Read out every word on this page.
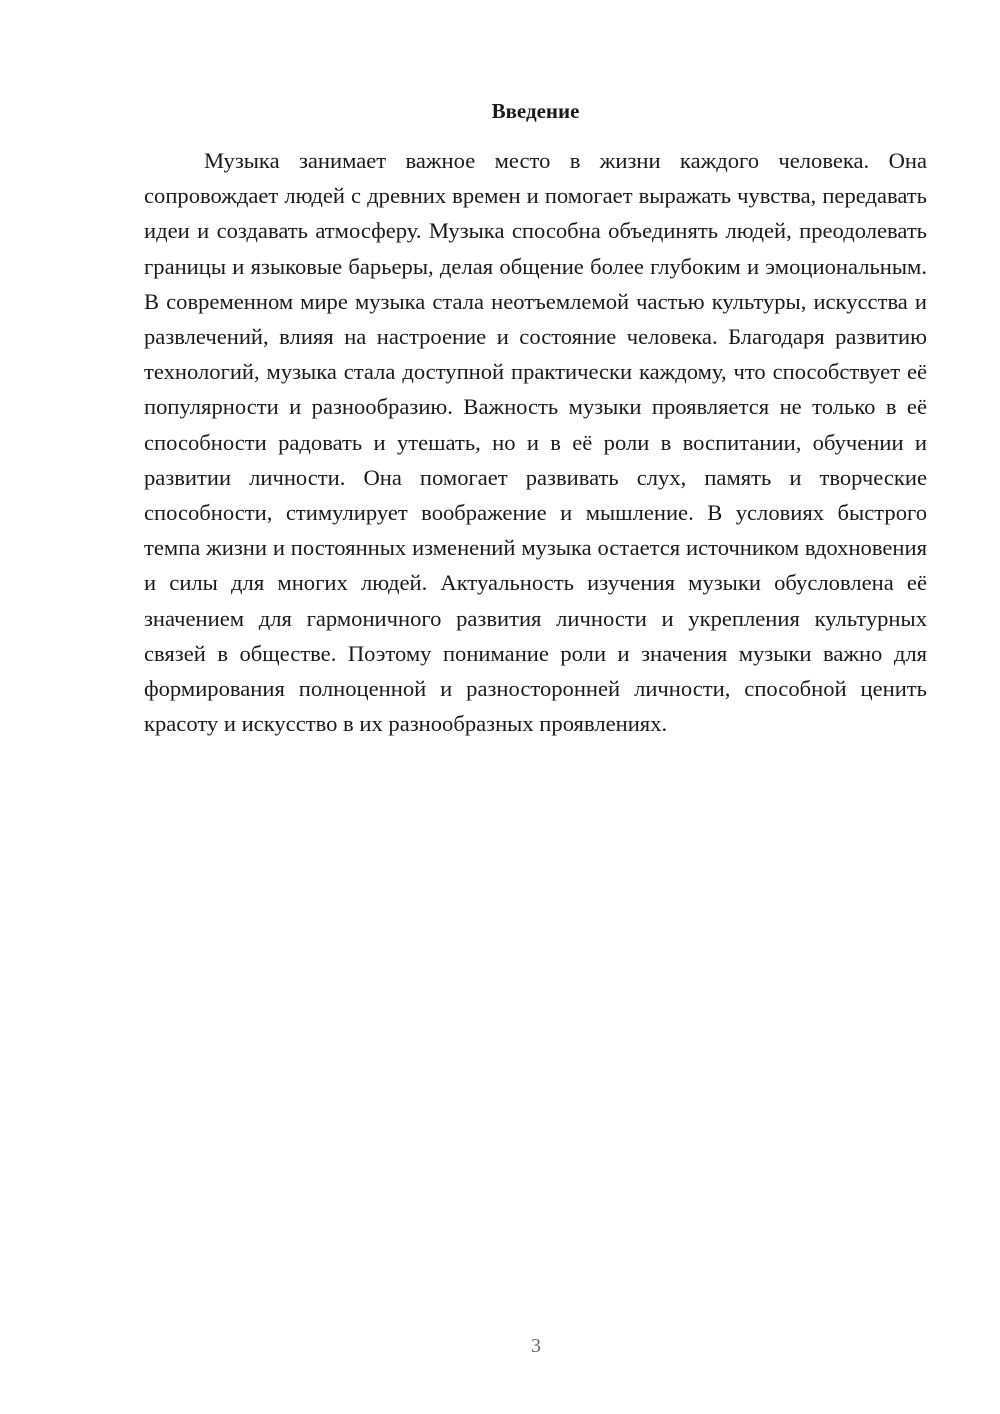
Введение

Музыка занимает важное место в жизни каждого человека. Она сопровождает людей с древних времен и помогает выражать чувства, передавать идеи и создавать атмосферу. Музыка способна объединять людей, преодолевать границы и языковые барьеры, делая общение более глубоким и эмоциональным. В современном мире музыка стала неотъемлемой частью культуры, искусства и развлечений, влияя на настроение и состояние человека. Благодаря развитию технологий, музыка стала доступной практически каждому, что способствует её популярности и разнообразию. Важность музыки проявляется не только в её способности радовать и утешать, но и в её роли в воспитании, обучении и развитии личности. Она помогает развивать слух, память и творческие способности, стимулирует воображение и мышление. В условиях быстрого темпа жизни и постоянных изменений музыка остается источником вдохновения и силы для многих людей. Актуальность изучения музыки обусловлена её значением для гармоничного развития личности и укрепления культурных связей в обществе. Поэтому понимание роли и значения музыки важно для формирования полноценной и разносторонней личности, способной ценить красоту и искусство в их разнообразных проявлениях.

3
